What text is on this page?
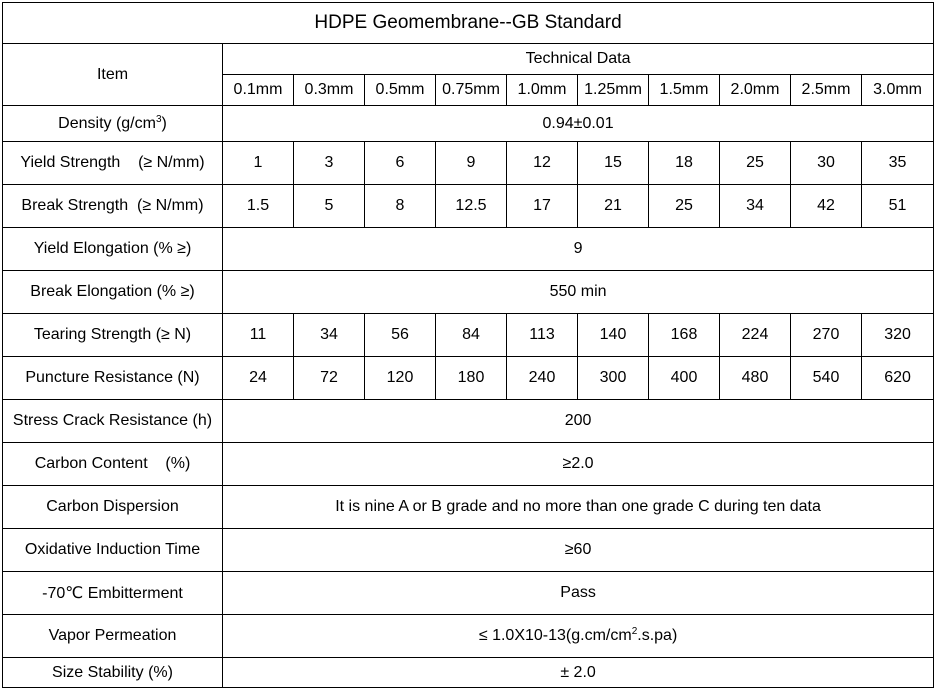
HDPE Geomembrane--GB Standard										
Item	Technical Data									
	0.1mm	0.3mm	0.5mm	0.75mm	1.0mm	1.25mm	1.5mm	2.0mm	2.5mm	3.0mm
Density $(g/cm^3)$	0.94±0.01									
Yield Strength    (≥ N/mm)	1	3	6	9	12	15	18	25	30	35
Break Strength  (≥ N/mm)	1.5	5	8	12.5	17	21	25	34	42	51
Yield Elongation (% ≥)	9									
Break Elongation (% ≥)	550 min									
Tearing Strength (≥ N)	11	34	56	84	113	140	168	224	270	320
Puncture Resistance (N)	24	72	120	180	240	300	400	480	540	620
Stress Crack Resistance (h)	200									
Carbon Content    (%)	≥2.0									
Carbon Dispersion	It is nine A or B grade and no more than one grade C during ten data									
Oxidative Induction Time	≥60									
-70℃ Embitterment	Pass									
Vapor Permeation	≤ $1.0X10-13(g.cm/cm^2.s.pa)$									
Size Stability (%)	± 2.0									
